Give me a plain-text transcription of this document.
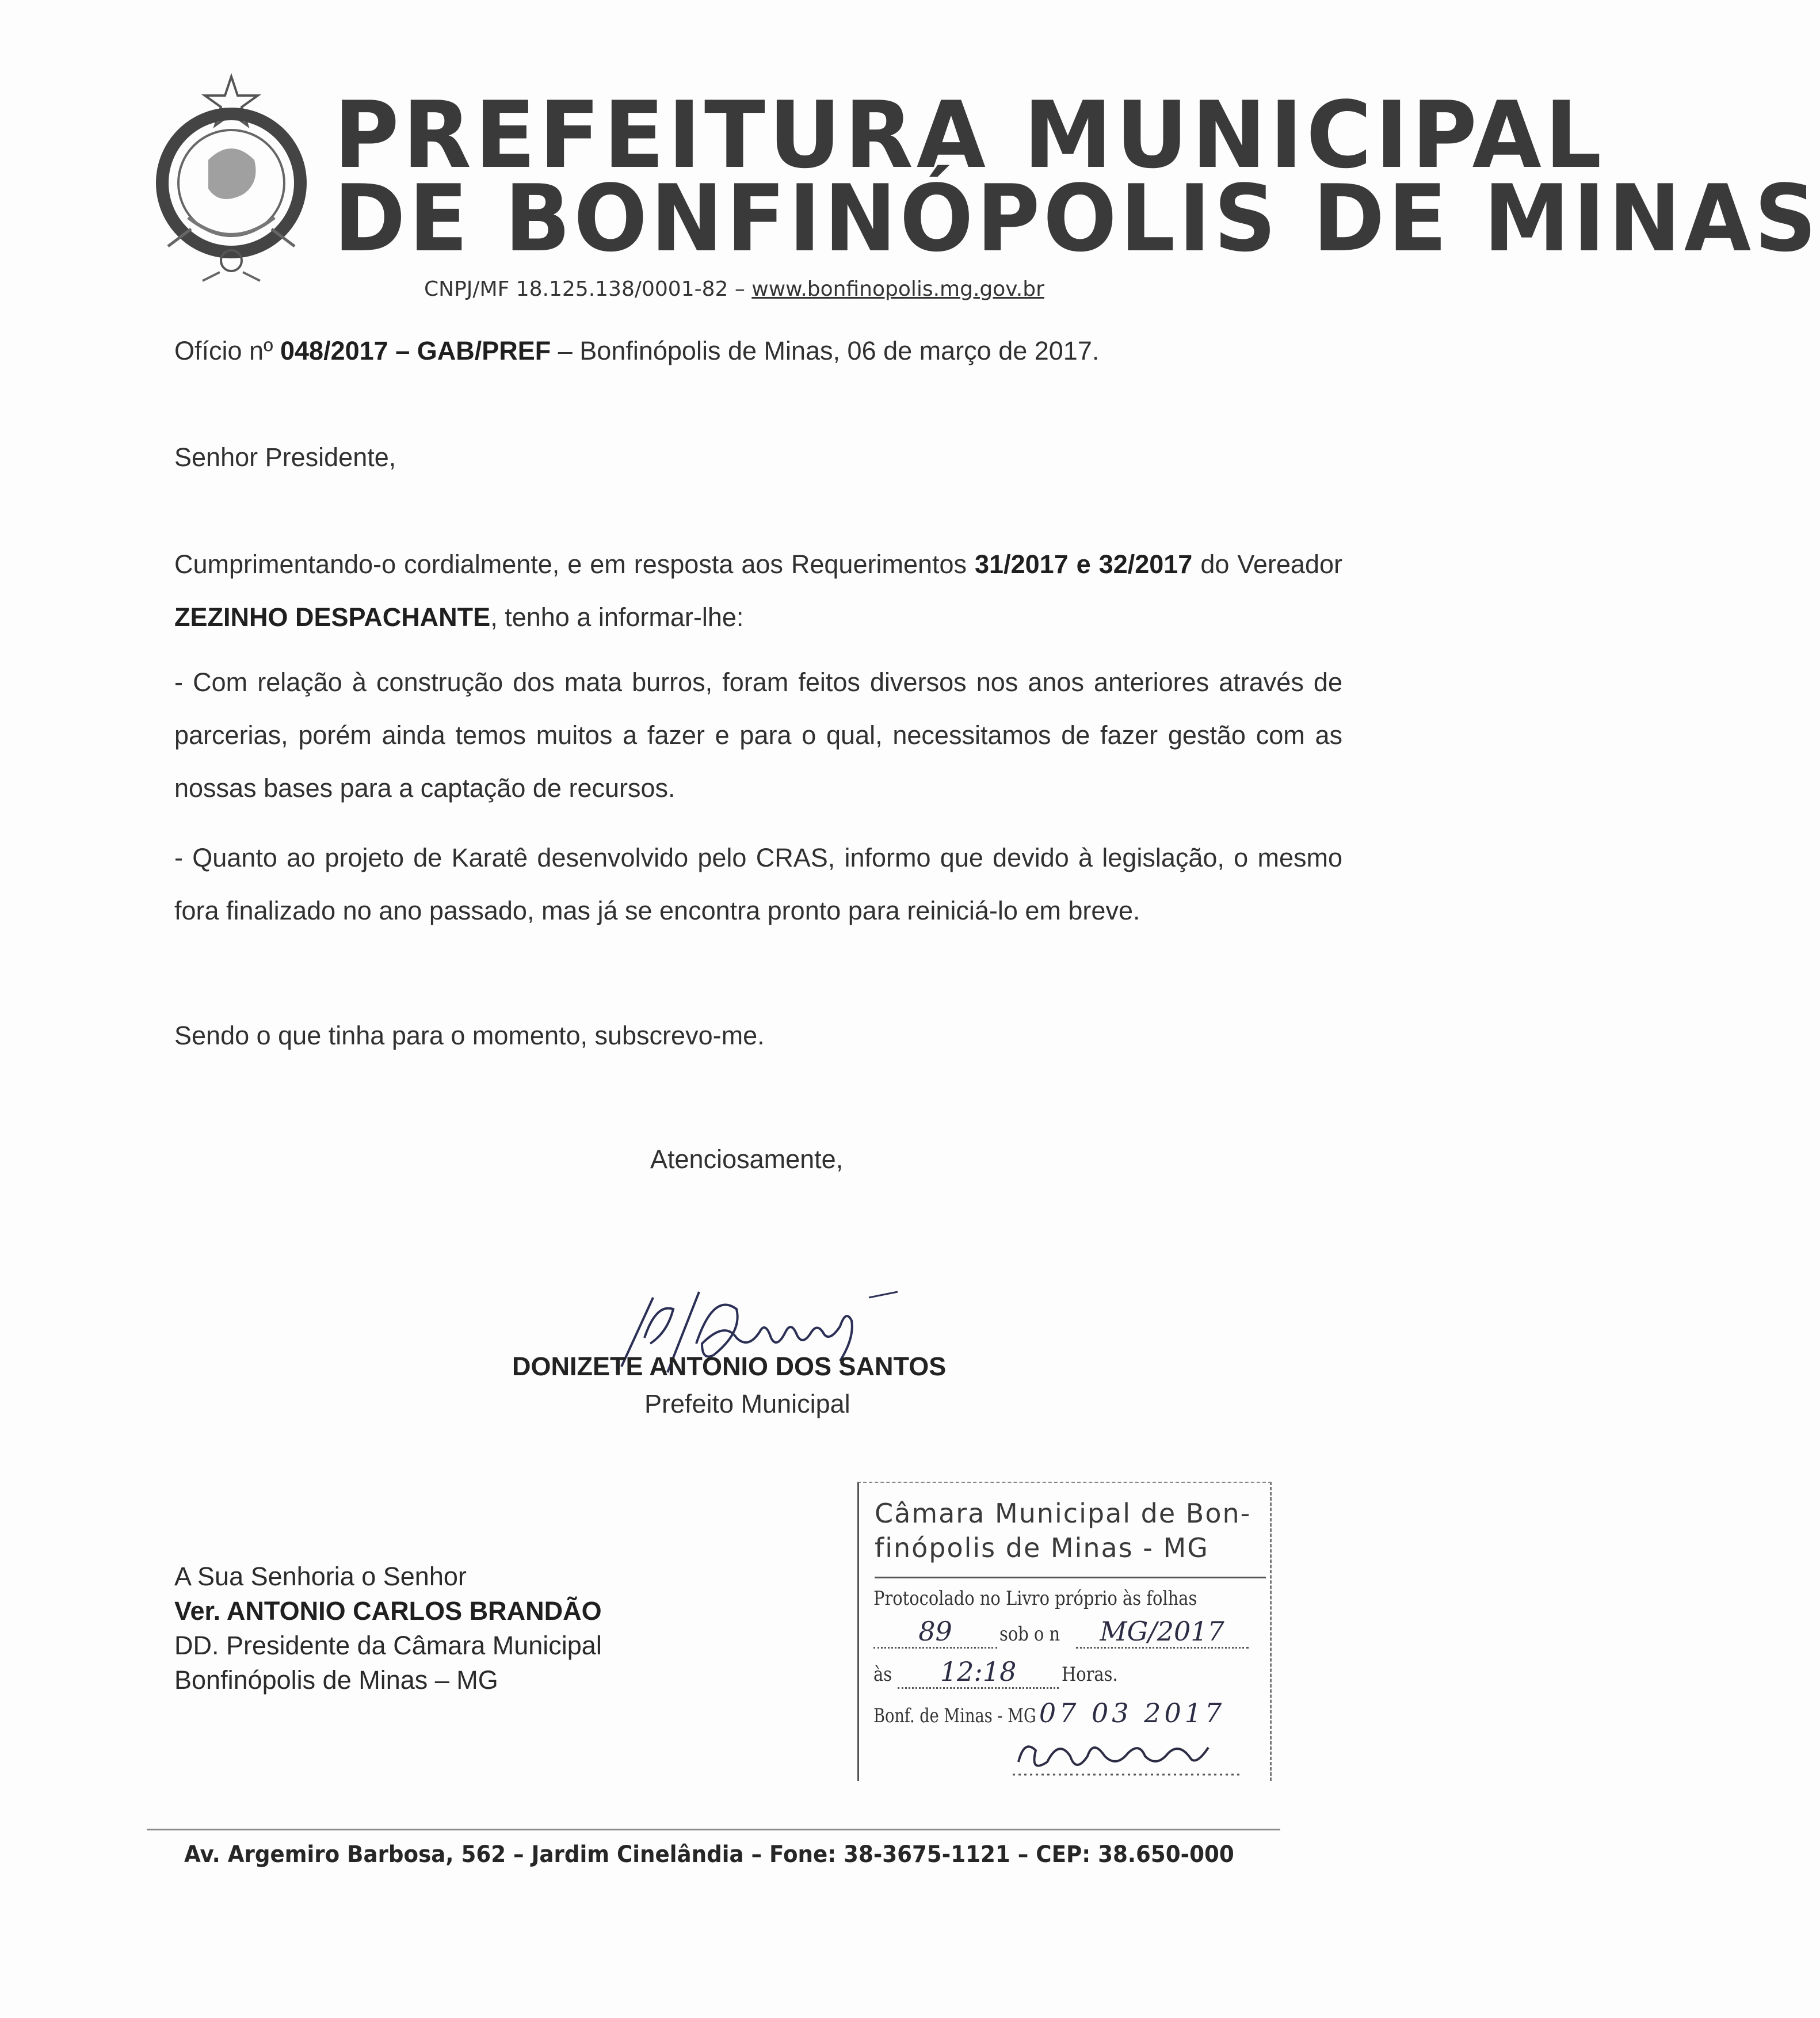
PREFEITURA MUNICIPAL
DE BONFINÓPOLIS DE MINAS
CNPJ/MF 18.125.138/0001-82 – www.bonfinopolis.mg.gov.br
Ofício nº 048/2017 – GAB/PREF – Bonfinópolis de Minas, 06 de março de 2017.
Senhor Presidente,
Cumprimentando-o cordialmente, e em resposta aos Requerimentos 31/2017 e 32/2017 do Vereador ZEZINHO DESPACHANTE, tenho a informar-lhe:
- Com relação à construção dos mata burros, foram feitos diversos nos anos anteriores através de parcerias, porém ainda temos muitos a fazer e para o qual, necessitamos de fazer gestão com as nossas bases para a captação de recursos.
- Quanto ao projeto de Karatê desenvolvido pelo CRAS, informo que devido à legislação, o mesmo fora finalizado no ano passado, mas já se encontra pronto para reiniciá-lo em breve.
Sendo o que tinha para o momento, subscrevo-me.
Atenciosamente,
DONIZETE ANTONIO DOS SANTOS
Prefeito Municipal
A Sua Senhoria o Senhor
Ver. ANTONIO CARLOS BRANDÃO
DD. Presidente da Câmara Municipal
Bonfinópolis de Minas – MG
Câmara Municipal de Bon-
finópolis de Minas - MG
Protocolado no Livro próprio às folhas
89 sob o n MG/2017
às 12:18 Horas.
Bonf. de Minas - MG 07 03 2017
Av. Argemiro Barbosa, 562 – Jardim Cinelândia – Fone: 38-3675-1121 – CEP: 38.650-000
